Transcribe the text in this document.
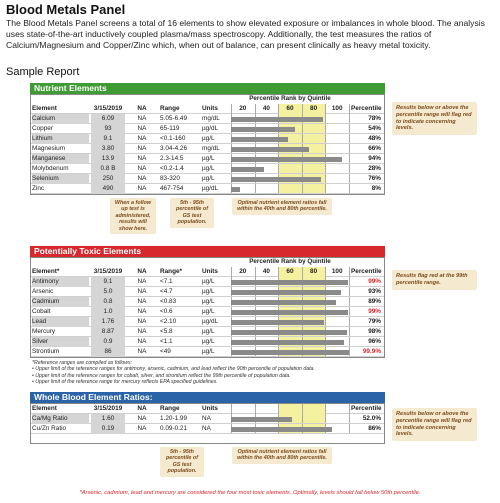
Blood Metals Panel
The Blood Metals Panel screens a total of 16 elements to show elevated exposure or imbalances in whole blood. The analysis uses state-of-the-art inductively coupled plasma/mass spectroscopy. Additionally, the test measures the ratios of Calcium/Magnesium and Copper/Zinc which, when out of balance, can present clinically as heavy metal toxicity.
Sample Report
Nutrient Elements
Element	3/15/2019	NA	Range	Units	Percentile
Percentile Rank by Quintile
20	40	60	80	100
Calcium	6.09	NA	5.05-6.49	mg/dL	78%
Copper	93	NA	65-119	µg/dL	54%
Lithium	9.1	NA	<0.1-160	µg/L	48%
Magnesium	3.80	NA	3.04-4.26	mg/dL	66%
Manganese	13.9	NA	2.3-14.5	µg/L	94%
Molybdenum	0.8 B	NA	<0.2-1.4	µg/L	28%
Selenium	250	NA	83-320	µg/L	76%
Zinc	490	NA	467-754	µg/dL	8%
Results below or above the percentile range will flag red to indicate concerning levels.
When a follow up test is administered, results will show here.
5th - 95th percentile of GS test population.
Optimal nutrient element ratios fall within the 40th and 80th percentile.
Potentially Toxic Elements
Element*	3/15/2019	NA	Range*	Units	Percentile
Percentile Rank by Quintile
20	40	60	80	100
Antimony	9.1	NA	<7.1	µg/L	99%
Arsenic	5.0	NA	<4.7	µg/L	93%
Cadmium	0.8	NA	<0.83	µg/L	89%
Cobalt	1.0	NA	<0.6	µg/L	99%
Lead	1.76	NA	<2.10	µg/dL	79%
Mercury	8.87	NA	<5.8	µg/L	98%
Silver	0.9	NA	<1.1	µg/L	96%
Strontium	86	NA	<49	µg/L	99.9%
Results flag red at the 99th percentile range.
*Reference ranges are compiled as follows:
• Upper limit of the reference ranges for antimony, arsenic, cadmium, and lead reflect the 90th percentile of population data.
• Upper limit of the reference ranges for cobalt, silver, and strontium reflect the 99th percentile of population data.
• Upper limit of the reference range for mercury reflects EPA specified guidelines.
Whole Blood Element Ratios:
Element	3/15/2019	NA	Range	Units	Percentile
Ca/Mg Ratio	1.60	NA	1.20-1.99	NA	52.0%
Cu/Zn Ratio	0.19	NA	0.09-0.21	NA	86%
Results below or above the percentile range will flag red to indicate concerning levels.
5th - 95th percentile of GS test population.
Optimal nutrient element ratios fall within the 40th and 80th percentile.
*Arsenic, cadmium, lead and mercury are considered the four most toxic elements. Optimally, levels should fall below 50th percentile.
